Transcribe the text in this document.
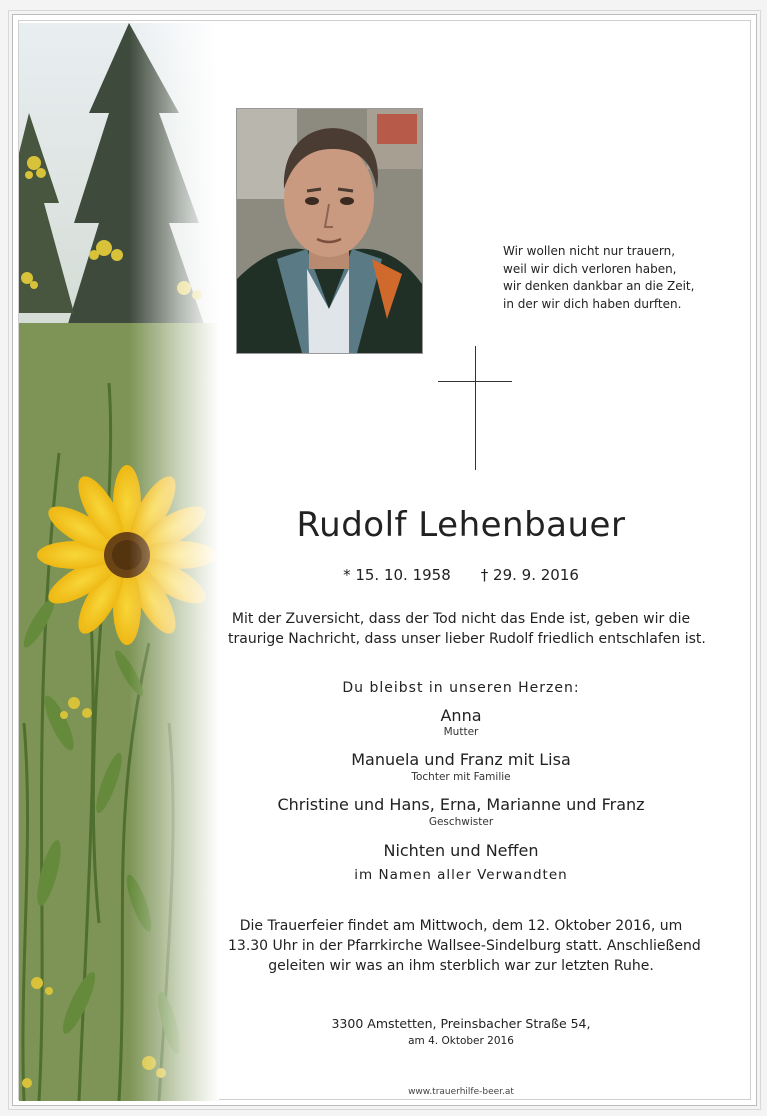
Wir wollen nicht nur trauern,
weil wir dich verloren haben,
wir denken dankbar an die Zeit,
in der wir dich haben durften.
Rudolf Lehenbauer
* 15. 10. 1958 † 29. 9. 2016
Mit der Zuversicht, dass der Tod nicht das Ende ist, geben wir die
traurige Nachricht, dass unser lieber Rudolf friedlich entschlafen ist.
Du bleibst in unseren Herzen:
Anna
Mutter
Manuela und Franz mit Lisa
Tochter mit Familie
Christine und Hans, Erna, Marianne und Franz
Geschwister
Nichten und Neffen
im Namen aller Verwandten
Die Trauerfeier findet am Mittwoch, dem 12. Oktober 2016, um
13.30 Uhr in der Pfarrkirche Wallsee-Sindelburg statt. Anschließend
geleiten wir was an ihm sterblich war zur letzten Ruhe.
3300 Amstetten, Preinsbacher Straße 54,
am 4. Oktober 2016
www.trauerhilfe-beer.at
